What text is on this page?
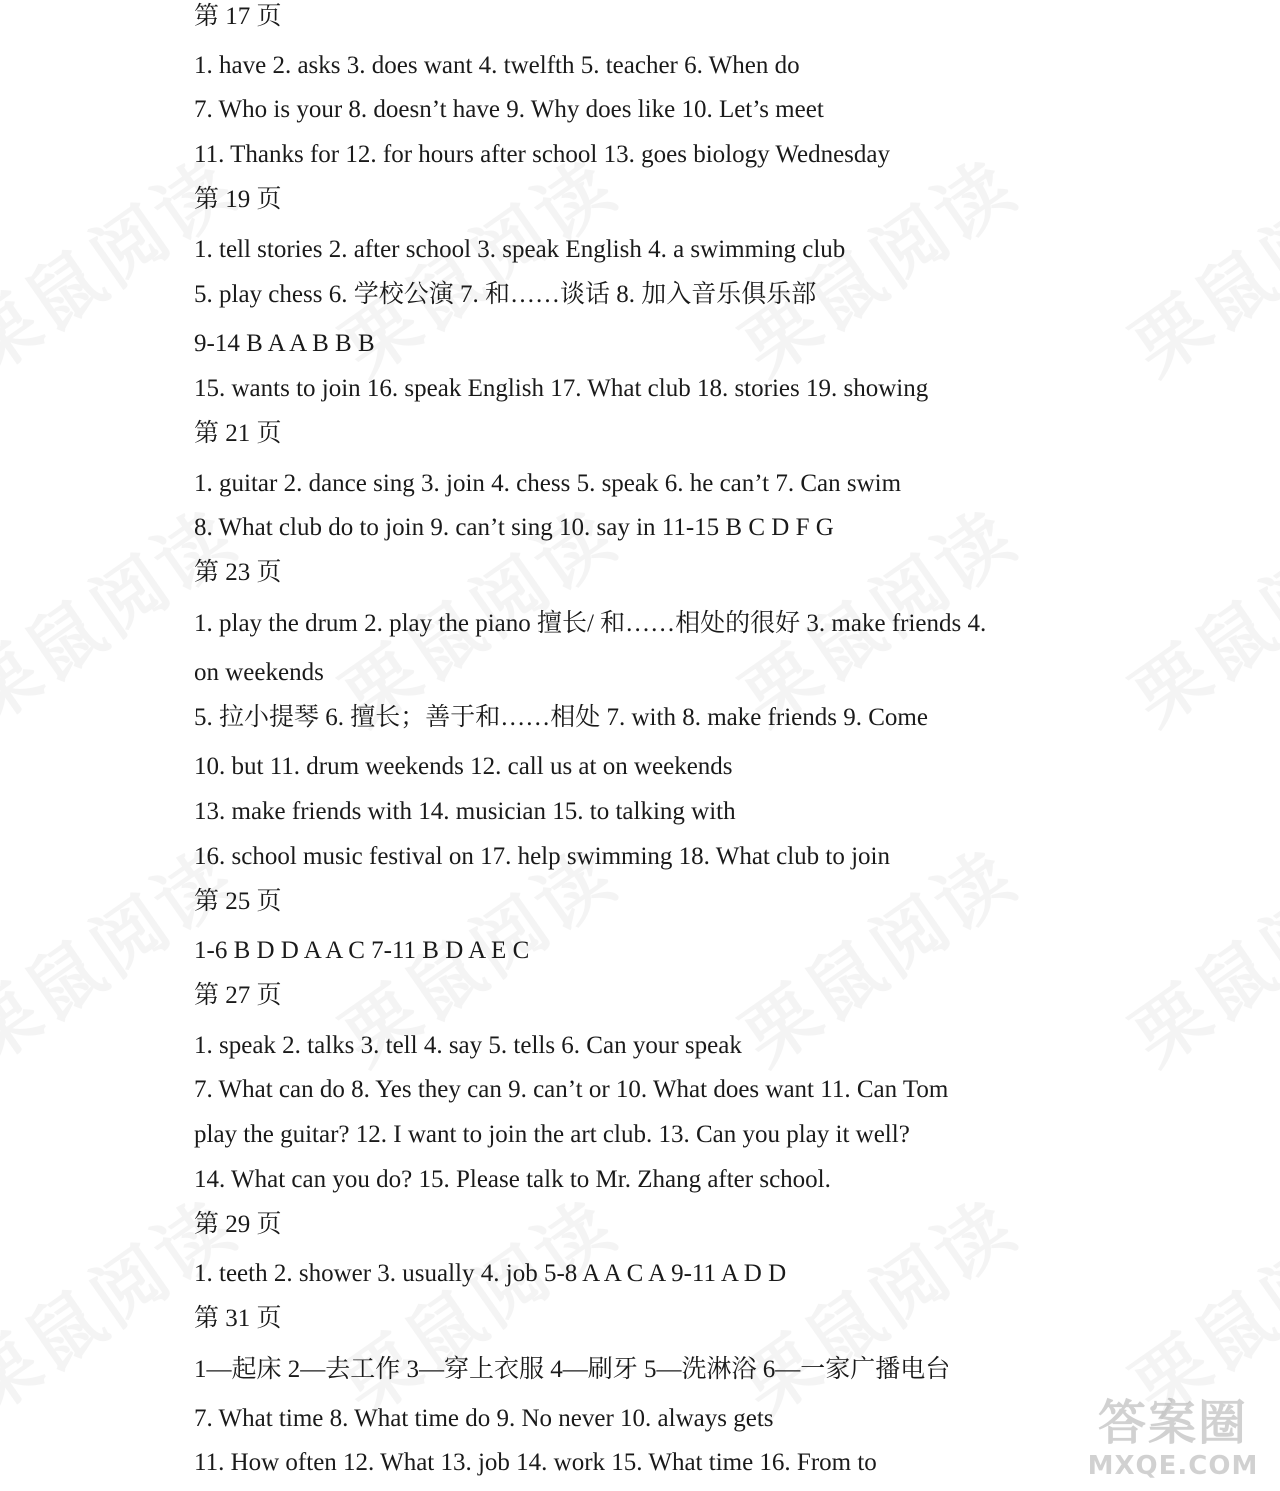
第 17 页
1. have 2. asks 3. does want 4. twelfth 5. teacher 6. When do
7. Who is your 8. doesn’t have 9. Why does like 10. Let’s meet
11. Thanks for 12. for hours after school 13. goes biology Wednesday
第 19 页
1. tell stories 2. after school 3. speak English 4. a swimming club
5. play chess 6. 学校公演 7. 和……谈话 8. 加入音乐俱乐部
9-14 B A A B B B
15. wants to join 16. speak English 17. What club 18. stories 19. showing
第 21 页
1. guitar 2. dance sing 3. join 4. chess 5. speak 6. he can’t 7. Can swim
8. What club do to join 9. can’t sing 10. say in 11-15 B C D F G
第 23 页
1. play the drum 2. play the piano 擅长/ 和……相处的很好 3. make friends 4.
on weekends
5. 拉小提琴 6. 擅长；善于和……相处 7. with 8. make friends 9. Come
10. but 11. drum weekends 12. call us at on weekends
13. make friends with 14. musician 15. to talking with
16. school music festival on 17. help swimming 18. What club to join
第 25 页
1-6 B D D A A C 7-11 B D A E C
第 27 页
1. speak 2. talks 3. tell 4. say 5. tells 6. Can your speak
7. What can do 8. Yes they can 9. can’t or 10. What does want 11. Can Tom
play the guitar? 12. I want to join the art club. 13. Can you play it well?
14. What can you do? 15. Please talk to Mr. Zhang after school.
第 29 页
1. teeth 2. shower 3. usually 4. job 5-8 A A C A 9-11 A D D
第 31 页
1—起床 2—去工作 3—穿上衣服 4—刷牙 5—洗淋浴 6—一家广播电台
7. What time 8. What time do 9. No never 10. always gets
11. How often 12. What 13. job 14. work 15. What time 16. From to
答案圈
MXQE.COM
